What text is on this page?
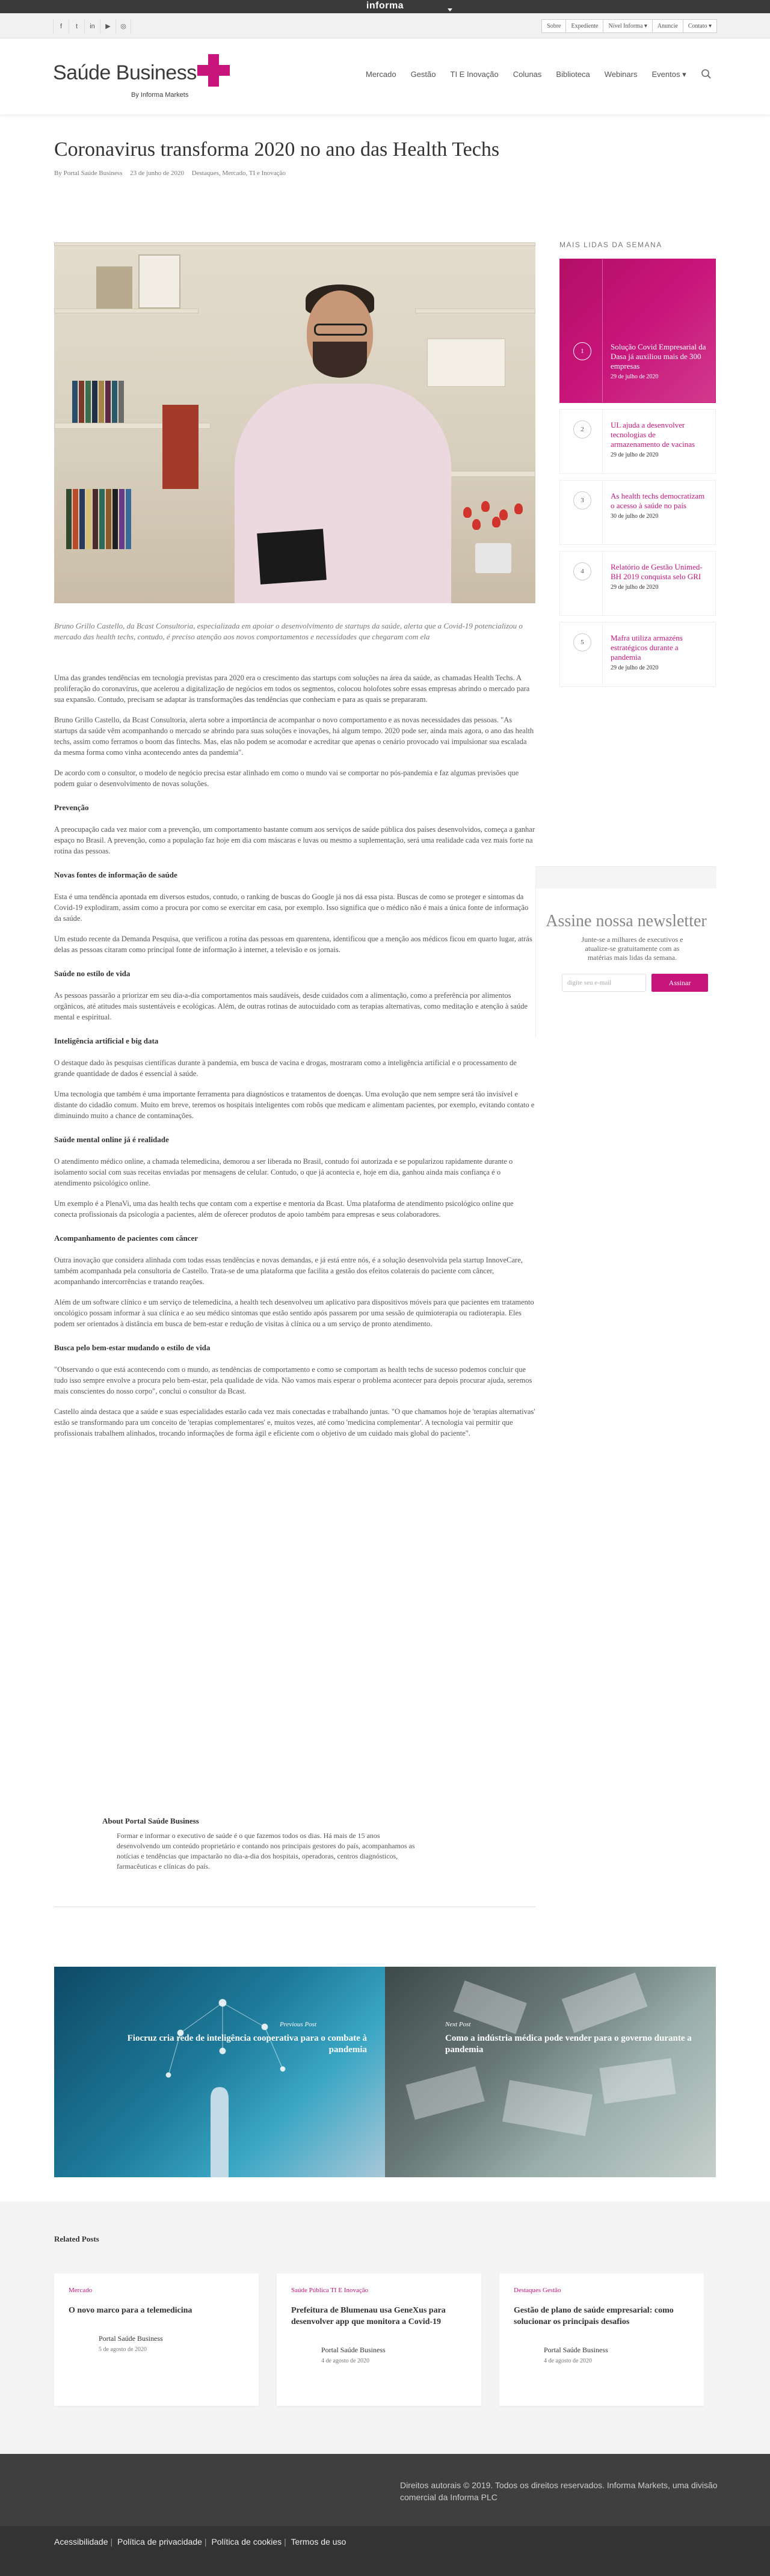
informa
f	t	in	▶	◎	Sobre	Expediente	Nível Informa ▾	Anuncie	Contato ▾
Saúde Business
By Informa Markets
Mercado Gestão TI E Inovação Colunas Biblioteca Webinars Eventos ▾
Coronavirus transforma 2020 no ano das Health Techs
By Portal Saúde Business 23 de junho de 2020 Destaques, Mercado, TI e Inovação
Bruno Grillo Castello, da Bcast Consultoria, especializada em apoiar o desenvolvimento de startups da saúde, alerta que a Covid-19 potencializou o mercado das health techs, contudo, é preciso atenção aos novos comportamentos e necessidades que chegaram com ela

Uma das grandes tendências em tecnologia previstas para 2020 era o crescimento das startups com soluções na área da saúde, as chamadas Health Techs. A proliferação do coronavírus, que acelerou a digitalização de negócios em todos os segmentos, colocou holofotes sobre essas empresas abrindo o mercado para sua expansão. Contudo, precisam se adaptar às transformações das tendências que conheciam e para as quais se prepararam.

Bruno Grillo Castello, da Bcast Consultoria, alerta sobre a importância de acompanhar o novo comportamento e as novas necessidades das pessoas. "As startups da saúde vêm acompanhando o mercado se abrindo para suas soluções e inovações, há algum tempo. 2020 pode ser, ainda mais agora, o ano das health techs, assim como ferramos o boom das fintechs. Mas, elas não podem se acomodar e acreditar que apenas o cenário provocado vai impulsionar sua escalada da mesma forma como vinha acontecendo antes da pandemia".

De acordo com o consultor, o modelo de negócio precisa estar alinhado em como o mundo vai se comportar no pós-pandemia e faz algumas previsões que podem guiar o desenvolvimento de novas soluções.

Prevenção

A preocupação cada vez maior com a prevenção, um comportamento bastante comum aos serviços de saúde pública dos países desenvolvidos, começa a ganhar espaço no Brasil. A prevenção, como a população faz hoje em dia com máscaras e luvas ou mesmo a suplementação, será uma realidade cada vez mais forte na rotina das pessoas.

Novas fontes de informação de saúde

Esta é uma tendência apontada em diversos estudos, contudo, o ranking de buscas do Google já nos dá essa pista. Buscas de como se proteger e sintomas da Covid-19 explodiram, assim como a procura por como se exercitar em casa, por exemplo. Isso significa que o médico não é mais a única fonte de informação da saúde.

Um estudo recente da Demanda Pesquisa, que verificou a rotina das pessoas em quarentena, identificou que a menção aos médicos ficou em quarto lugar, atrás delas as pessoas citaram como principal fonte de informação à internet, a televisão e os jornais.

Saúde no estilo de vida

As pessoas passarão a priorizar em seu dia-a-dia comportamentos mais saudáveis, desde cuidados com a alimentação, como a preferência por alimentos orgânicos, até atitudes mais sustentáveis e ecológicas. Além, de outras rotinas de autocuidado com as terapias alternativas, como meditação e atenção à saúde mental e espiritual.

Inteligência artificial e big data

O destaque dado às pesquisas científicas durante à pandemia, em busca de vacina e drogas, mostraram como a inteligência artificial e o processamento de grande quantidade de dados é essencial à saúde.

Uma tecnologia que também é uma importante ferramenta para diagnósticos e tratamentos de doenças. Uma evolução que nem sempre será tão invisível e distante do cidadão comum. Muito em breve, teremos os hospitais inteligentes com robôs que medicam e alimentam pacientes, por exemplo, evitando contato e diminuindo muito a chance de contaminações.

Saúde mental online já é realidade

O atendimento médico online, a chamada telemedicina, demorou a ser liberada no Brasil, contudo foi autorizada e se popularizou rapidamente durante o isolamento social com suas receitas enviadas por mensagens de celular. Contudo, o que já acontecia e, hoje em dia, ganhou ainda mais confiança é o atendimento psicológico online.

Um exemplo é a PlenaVi, uma das health techs que contam com a expertise e mentoria da Bcast. Uma plataforma de atendimento psicológico online que conecta profissionais da psicologia a pacientes, além de oferecer produtos de apoio também para empresas e seus colaboradores.

Acompanhamento de pacientes com câncer

Outra inovação que considera alinhada com todas essas tendências e novas demandas, e já está entre nós, é a solução desenvolvida pela startup InnoveCare, também acompanhada pela consultoria de Castello. Trata-se de uma plataforma que facilita a gestão dos efeitos colaterais do paciente com câncer, acompanhando intercorrências e tratando reações.

Além de um software clínico e um serviço de telemedicina, a health tech desenvolveu um aplicativo para dispositivos móveis para que pacientes em tratamento oncológico possam informar à sua clínica e ao seu médico sintomas que estão sentido após passarem por uma sessão de quimioterapia ou radioterapia. Eles podem ser orientados à distância em busca de bem-estar e redução de visitas à clínica ou a um serviço de pronto atendimento.

Busca pelo bem-estar mudando o estilo de vida

"Observando o que está acontecendo com o mundo, as tendências de comportamento e como se comportam as health techs de sucesso podemos concluir que tudo isso sempre envolve a procura pelo bem-estar, pela qualidade de vida. Não vamos mais esperar o problema acontecer para depois procurar ajuda, seremos mais conscientes do nosso corpo", conclui o consultor da Bcast.

Castello ainda destaca que a saúde e suas especialidades estarão cada vez mais conectadas e trabalhando juntas. "O que chamamos hoje de 'terapias alternativas' estão se transformando para um conceito de 'terapias complementares' e, muitos vezes, até como 'medicina complementar'. A tecnologia vai permitir que profissionais trabalhem alinhados, trocando informações de forma ágil e eficiente com o objetivo de um cuidado mais global do paciente".

About Portal Saúde Business
Formar e informar o executivo de saúde é o que fazemos todos os dias. Há mais de 15 anos desenvolvendo um conteúdo proprietário e contando nos principais gestores do país, acompanhamos as notícias e tendências que impactarão no dia-a-dia dos hospitais, operadoras, centros diagnósticos, farmacêuticas e clínicas do país.
Previous Post
Fiocruz cria rede de inteligência cooperativa para o combate à pandemia
Next Post
Como a indústria médica pode vender para o governo durante a pandemia
Related Posts
Mercado
O novo marco para a telemedicina
Portal Saúde Business
5 de agosto de 2020
Saúde Pública TI E Inovação
Prefeitura de Blumenau usa GeneXus para desenvolver app que monitora a Covid-19
Portal Saúde Business
4 de agosto de 2020
Destaques Gestão
Gestão de plano de saúde empresarial: como solucionar os principais desafios
Portal Saúde Business
4 de agosto de 2020
MAIS LIDAS DA SEMANA
1	Solução Covid Empresarial da Dasa já auxiliou mais de 300 empresas
29 de julho de 2020
2	UL ajuda a desenvolver tecnologias de armazenamento de vacinas
29 de julho de 2020
3	As health techs democratizam o acesso à saúde no país
30 de julho de 2020
4	Relatório de Gestão Unimed-BH 2019 conquista selo GRI
29 de julho de 2020
5	Mafra utiliza armazéns estratégicos durante a pandemia
29 de julho de 2020
Assine nossa newsletter
Junte-se a milhares de executivos e atualize-se gratuitamente com as matérias mais lidas da semana.
digite seu e-mail	Assinar
Direitos autorais © 2019. Todos os direitos reservados. Informa Markets, uma divisão comercial da Informa PLC
Acessibilidade | Política de privacidade | Política de cookies | Termos de uso
